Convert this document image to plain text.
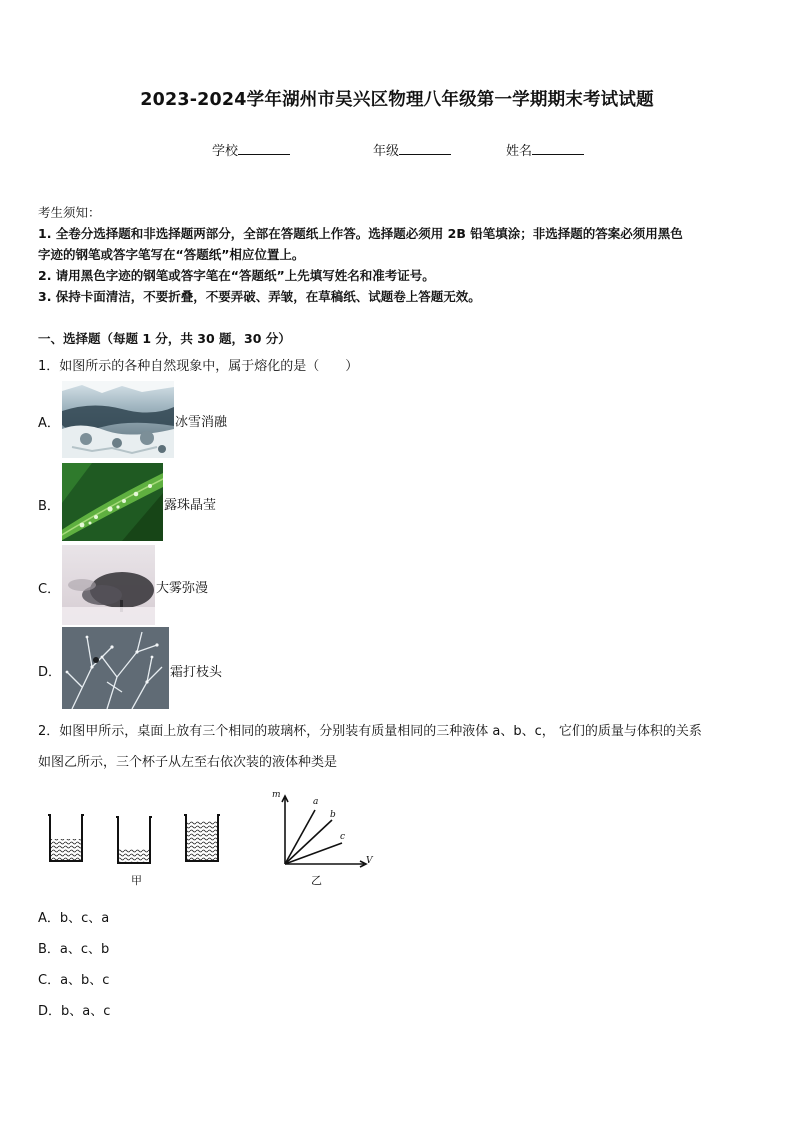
2023-2024学年湖州市吴兴区物理八年级第一学期期末考试试题
学校	年级	姓名
考生须知：
1. 全卷分选择题和非选择题两部分，全部在答题纸上作答。选择题必须用 2B 铅笔填涂；非选择题的答案必须用黑色
字迹的钢笔或答字笔写在“答题纸”相应位置上。
2. 请用黑色字迹的钢笔或答字笔在“答题纸”上先填写姓名和准考证号。
3. 保持卡面清洁，不要折叠，不要弄破、弄皱，在草稿纸、试题卷上答题无效。
一、选择题（每题 1 分，共 30 题，30 分）
1．如图所示的各种自然现象中，属于熔化的是（　　）
A．	冰雪消融
B．	露珠晶莹
C．	大雾弥漫
D．	霜打枝头
2．如图甲所示，桌面上放有三个相同的玻璃杯，分别装有质量相同的三种液体 a、b、c， 它们的质量与体积的关系
如图乙所示，三个杯子从左至右依次装的液体种类是
甲
m
V
a
b
c
乙
A．b、c、a
B．a、c、b
C．a、b、c
D．b、a、c
